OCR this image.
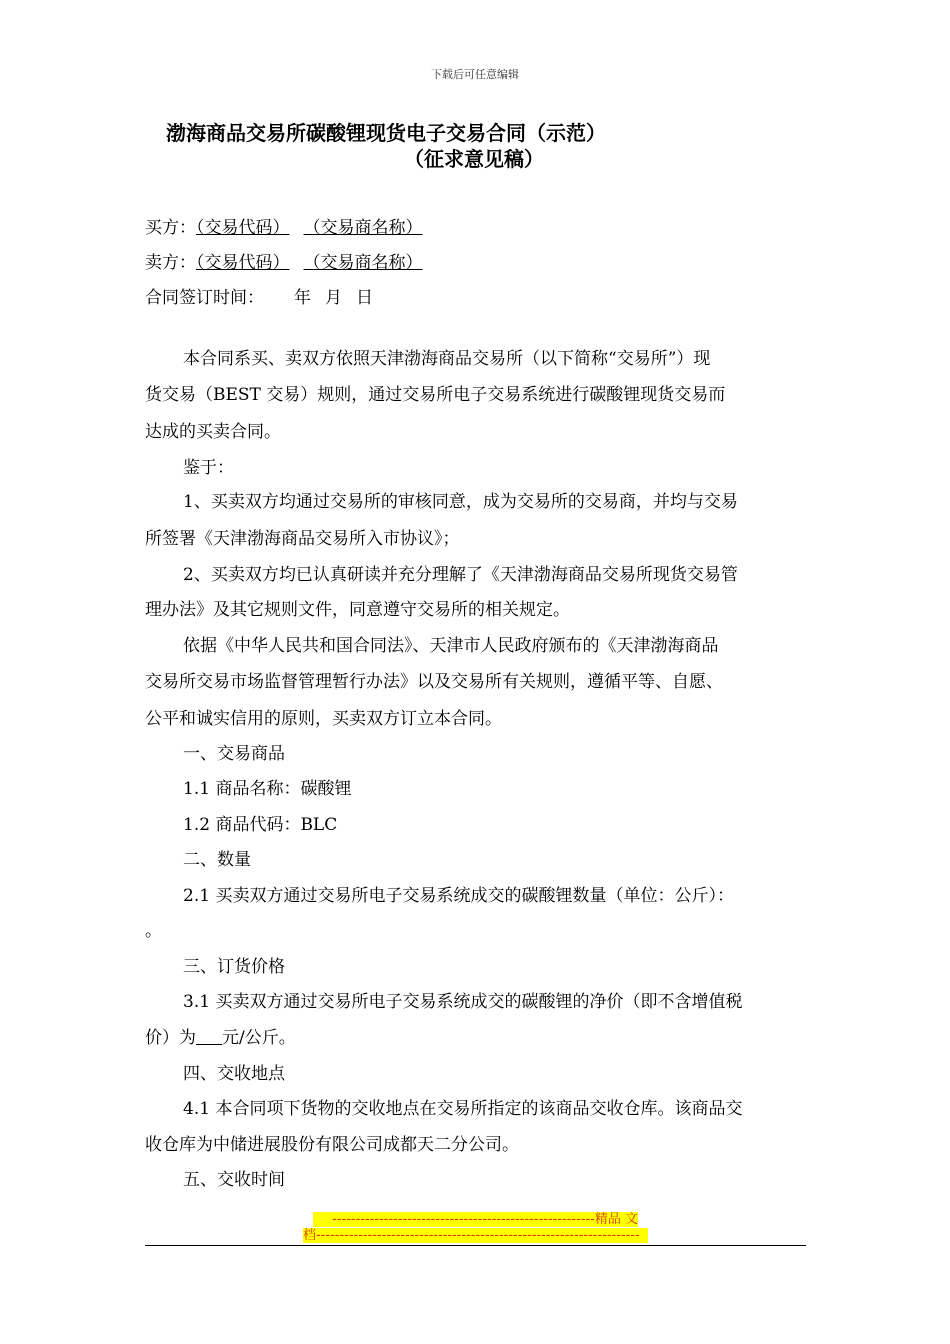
下载后可任意编辑
渤海商品交易所碳酸锂现货电子交易合同（示范）
（征求意见稿）
买方：（交易代码） （交易商名称）
卖方：（交易代码） （交易商名称）
合同签订时间： 年 月 日
本合同系买、卖双方依照天津渤海商品交易所（以下简称“交易所”）现
货交易（BEST 交易）规则，通过交易所电子交易系统进行碳酸锂现货交易而
达成的买卖合同。
鉴于：
1、买卖双方均通过交易所的审核同意，成为交易所的交易商，并均与交易
所签署《天津渤海商品交易所入市协议》；
2、买卖双方均已认真研读并充分理解了《天津渤海商品交易所现货交易管
理办法》及其它规则文件，同意遵守交易所的相关规定。
依据《中华人民共和国合同法》、天津市人民政府颁布的《天津渤海商品
交易所交易市场监督管理暂行办法》以及交易所有关规则，遵循平等、自愿、
公平和诚实信用的原则，买卖双方订立本合同。
一、交易商品
1.1 商品名称：碳酸锂
1.2 商品代码：BLC
二、数量
2.1 买卖双方通过交易所电子交易系统成交的碳酸锂数量（单位：公斤）：
。
三、订货价格
3.1 买卖双方通过交易所电子交易系统成交的碳酸锂的净价（即不含增值税
价）为 元/公斤。
四、交收地点
4.1 本合同项下货物的交收地点在交易所指定的该商品交收仓库。该商品交
收仓库为中储进展股份有限公司成都天二分公司。
五、交收时间
--------------------------------------------------------精品 文
档---------------------------------------------------------------------
